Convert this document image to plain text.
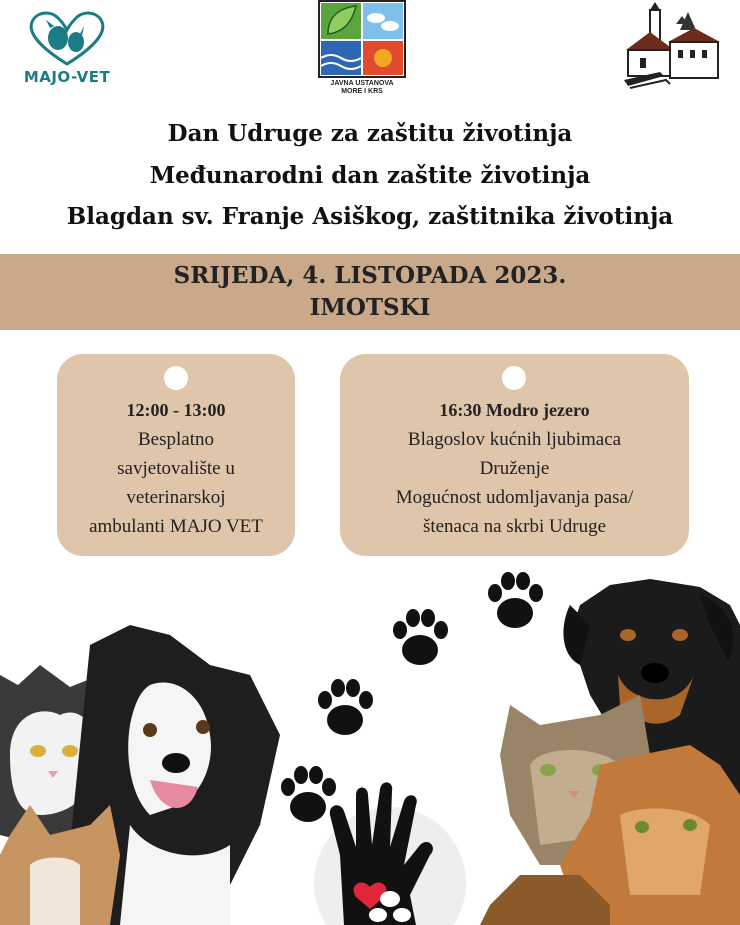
MAJO-VET	JAVNA USTANOVA
MORE I KRS
Dan Udruge za zaštitu životinja
Međunarodni dan zaštite životinja
Blagdan sv. Franje Asiškog, zaštitnika životinja
SRIJEDA, 4. LISTOPADA 2023.
IMOTSKI
12:00 - 13:00
Besplatno
savjetovalište u
veterinarskoj
ambulanti MAJO VET
16:30 Modro jezero
Blagoslov kućnih ljubimaca
Druženje
Mogućnost udomljavanja pasa/
štenaca na skrbi Udruge
